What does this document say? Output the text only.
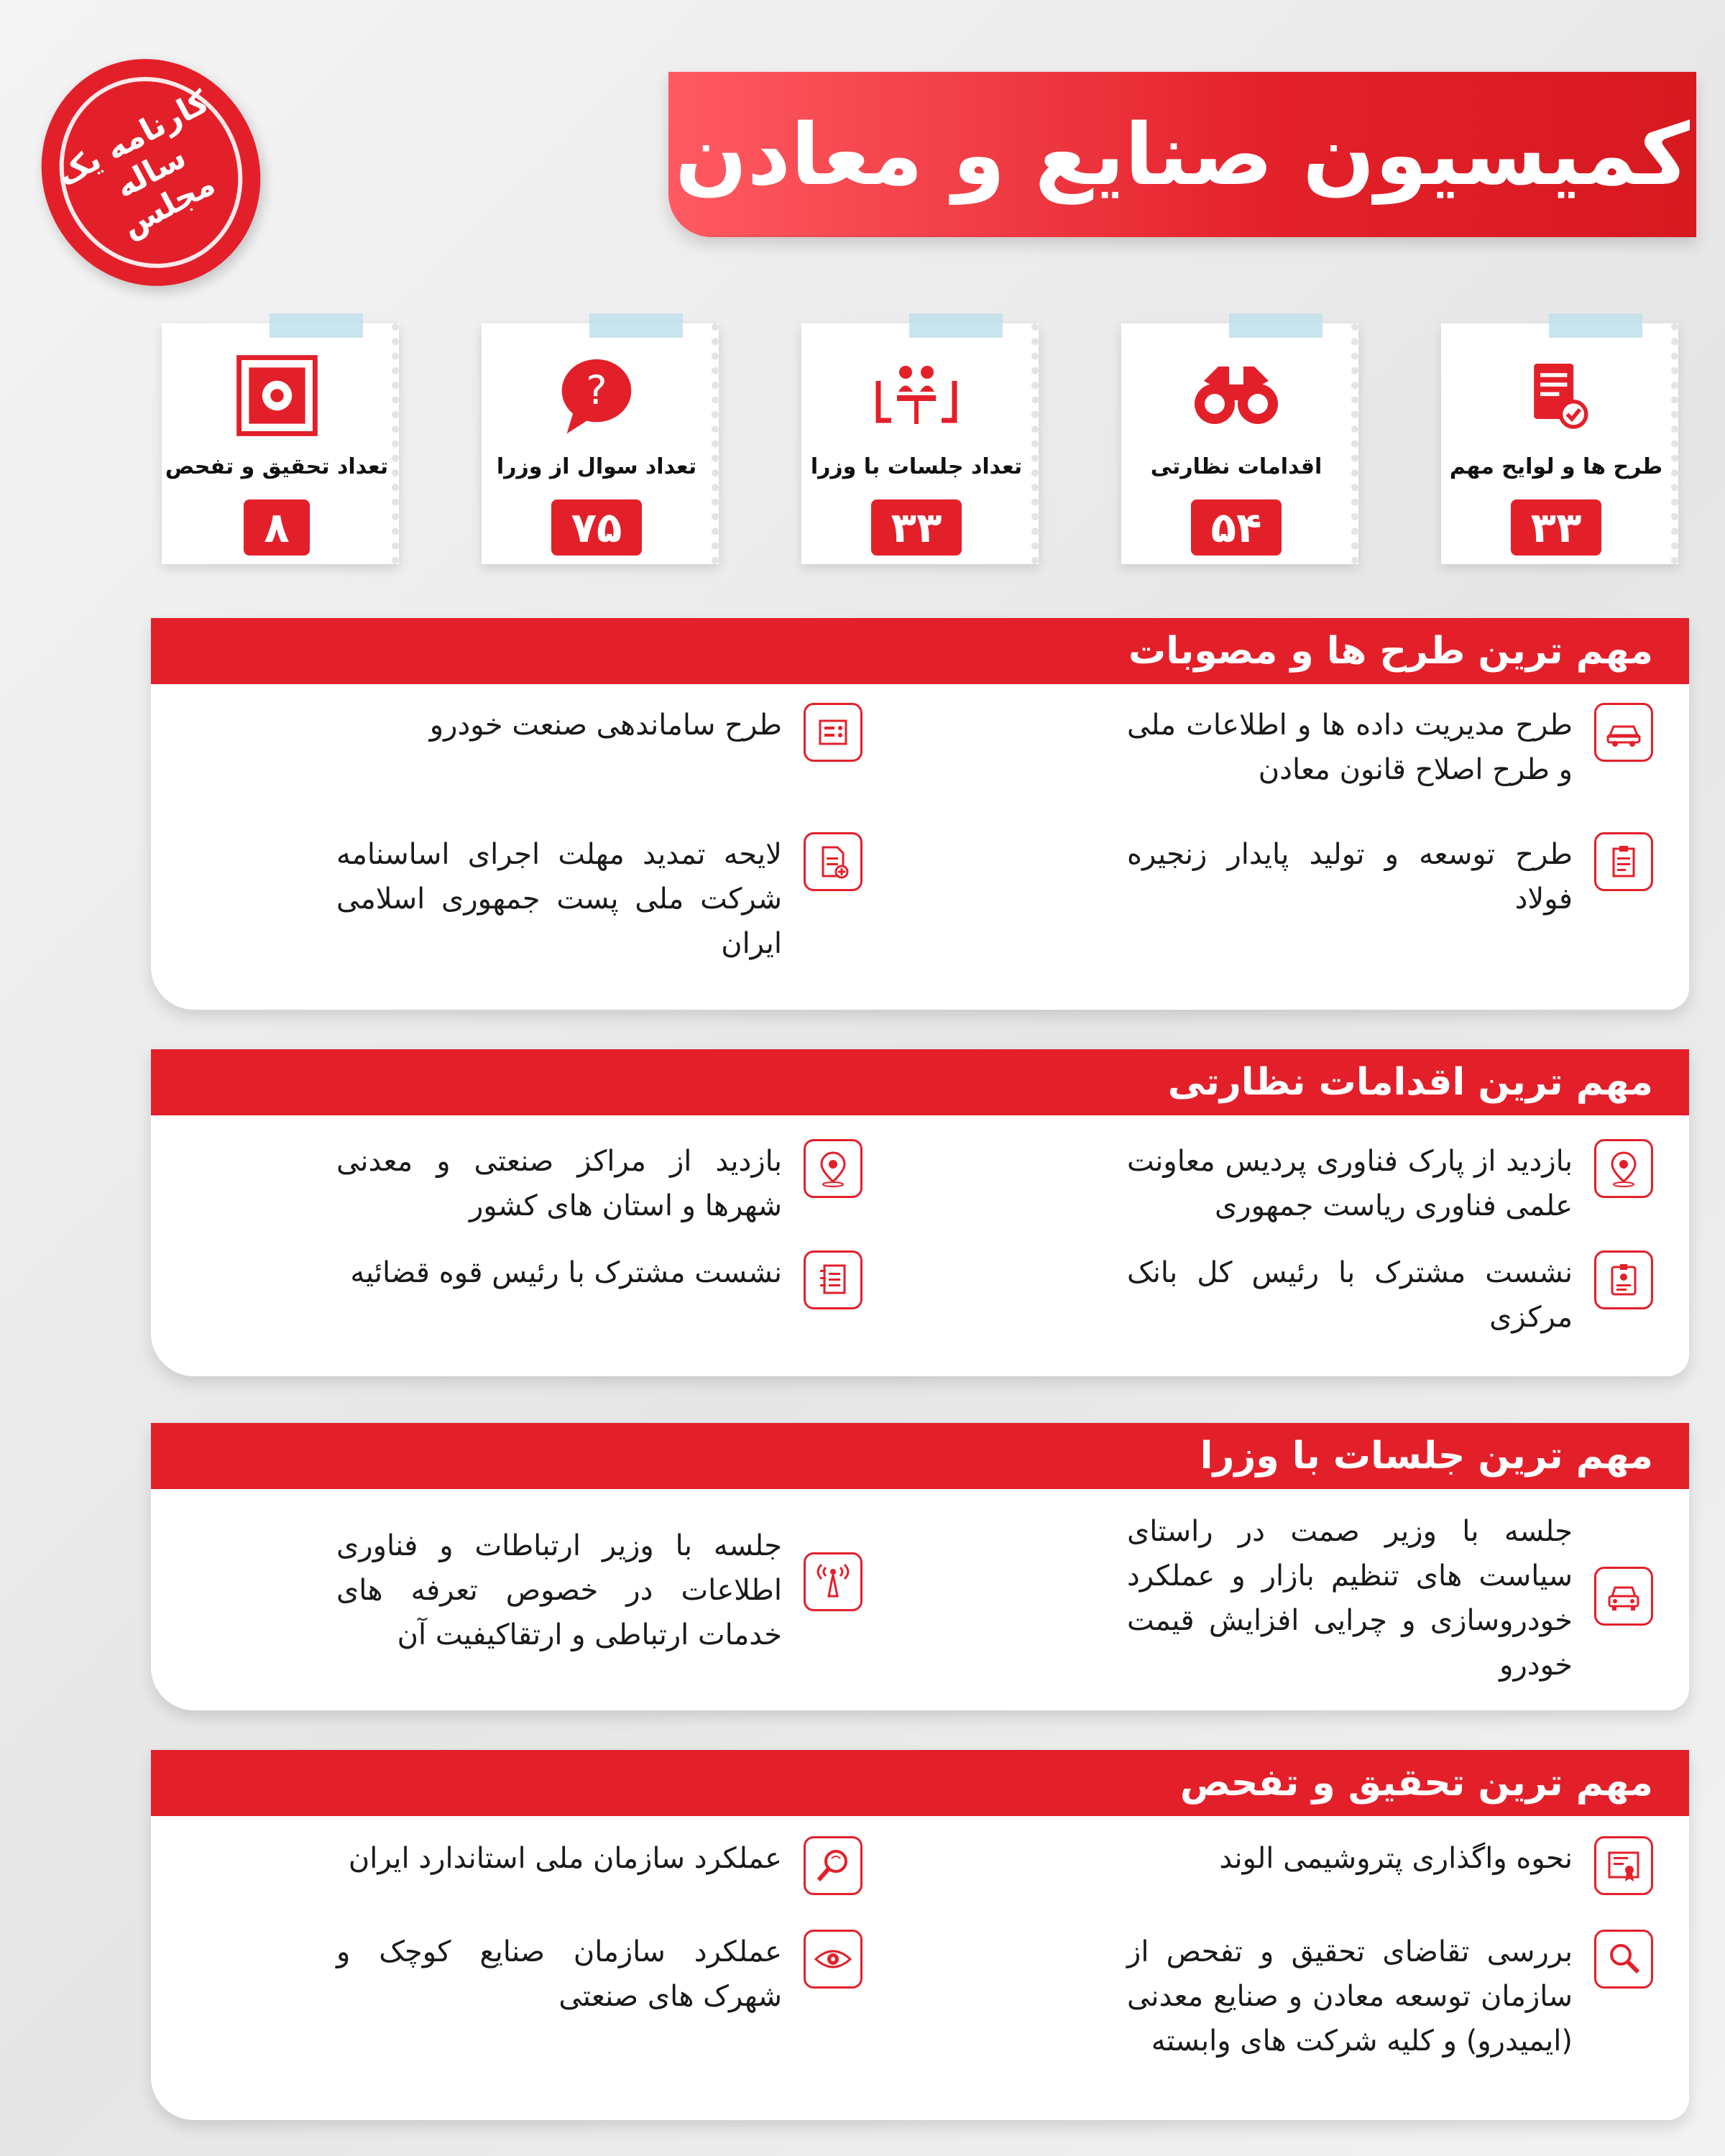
کارنامه یک ساله مجلس
کمیسیون صنایع و معادن
طرح ها و لوایح مهم
۳۳
اقدامات نظارتی
۵۴
تعداد جلسات با وزرا
۳۳
?
تعداد سوال از وزرا
۷۵
تعداد تحقیق و تفحص
۸
مهم ترین طرح ها و مصوبات
طرح مدیریت داده ها و اطلاعات ملی و طرح اصلاح قانون معادن
طرح ساماندهی صنعت خودرو
طرح توسعه و تولید پایدار زنجیره فولاد
لایحه تمدید مهلت اجرای اساسنامه شرکت ملی پست جمهوری اسلامی ایران
مهم ترین اقدامات نظارتی
بازدید از پارک فناوری پردیس معاونت علمی فناوری ریاست جمهوری
بازدید از مراکز صنعتی و معدنی شهرها و استان های کشور
نشست مشترک با رئیس کل بانک مرکزی
نشست مشترک با رئیس قوه قضائیه
مهم ترین جلسات با وزرا
جلسه با وزیر صمت در راستای سیاست های تنظیم بازار و عملکرد خودروسازی و چرایی افزایش قیمت خودرو
جلسه با وزیر ارتباطات و فناوری اطلاعات در خصوص تعرفه های خدمات ارتباطی و ارتقاکیفیت آن
مهم ترین تحقیق و تفحص
نحوه واگذاری پتروشیمی الوند
عملکرد سازمان ملی استاندارد ایران
بررسی تقاضای تحقیق و تفحص از سازمان توسعه معادن و صنایع معدنی (ایمیدرو) و کلیه شرکت های وابسته
عملکرد سازمان صنایع کوچک و شهرک های صنعتی
